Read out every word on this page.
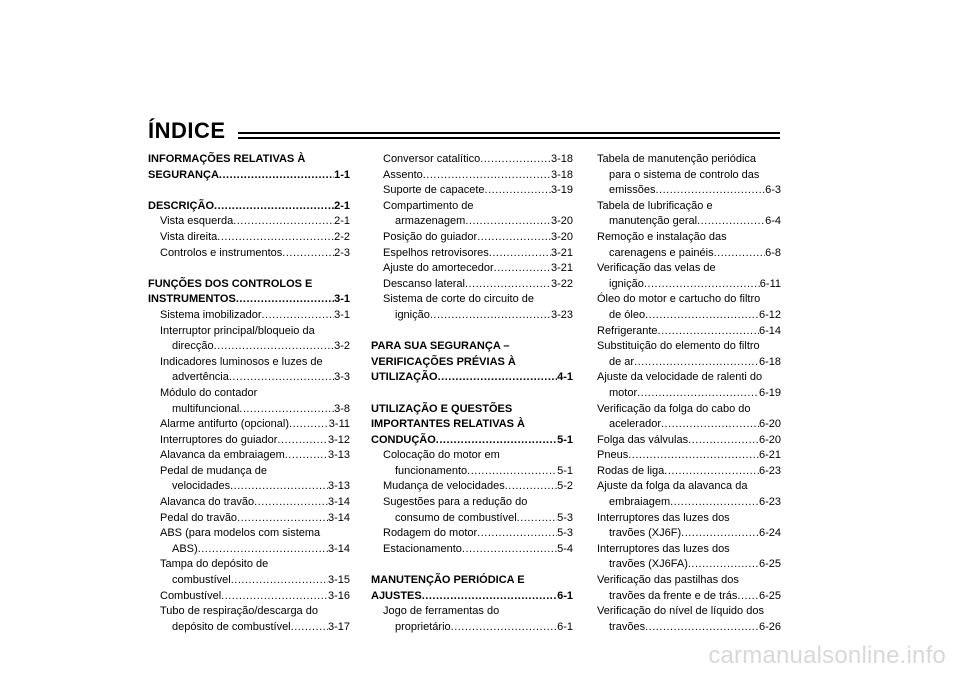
ÍNDICE
INFORMAÇÕES RELATIVAS À
SEGURANÇA .....	1-1
DESCRIÇÃO .....	2-1
Vista esquerda .....	2-1
Vista direita .....	2-2
Controlos e instrumentos .....	2-3
FUNÇÕES DOS CONTROLOS E
INSTRUMENTOS .....	3-1
Sistema imobilizador .....	3-1
Interruptor principal/bloqueio da
direcção .....	3-2
Indicadores luminosos e luzes de
advertência .....	3-3
Módulo do contador
multifuncional .....	3-8
Alarme antifurto (opcional) .....	3-11
Interruptores do guiador .....	3-12
Alavanca da embraiagem .....	3-13
Pedal de mudança de
velocidades .....	3-13
Alavanca do travão .....	3-14
Pedal do travão .....	3-14
ABS (para modelos com sistema
ABS) .....	3-14
Tampa do depósito de
combustível .....	3-15
Combustível .....	3-16
Tubo de respiração/descarga do
depósito de combustível .....	3-17
Conversor catalítico .....	3-18
Assento .....	3-18
Suporte de capacete .....	3-19
Compartimento de
armazenagem .....	3-20
Posição do guiador .....	3-20
Espelhos retrovisores .....	3-21
Ajuste do amortecedor .....	3-21
Descanso lateral .....	3-22
Sistema de corte do circuito de
ignição .....	3-23
PARA SUA SEGURANÇA –
VERIFICAÇÕES PRÉVIAS À
UTILIZAÇÃO .....	4-1
UTILIZAÇÃO E QUESTÕES
IMPORTANTES RELATIVAS À
CONDUÇÃO .....	5-1
Colocação do motor em
funcionamento .....	5-1
Mudança de velocidades .....	5-2
Sugestões para a redução do
consumo de combustível .....	5-3
Rodagem do motor .....	5-3
Estacionamento .....	5-4
MANUTENÇÃO PERIÓDICA E
AJUSTES .....	6-1
Jogo de ferramentas do
proprietário .....	6-1
Tabela de manutenção periódica
para o sistema de controlo das
emissões .....	6-3
Tabela de lubrificação e
manutenção geral .....	6-4
Remoção e instalação das
carenagens e painéis .....	6-8
Verificação das velas de
ignição .....	6-11
Óleo do motor e cartucho do filtro
de óleo .....	6-12
Refrigerante .....	6-14
Substituição do elemento do filtro
de ar .....	6-18
Ajuste da velocidade de ralenti do
motor .....	6-19
Verificação da folga do cabo do
acelerador .....	6-20
Folga das válvulas .....	6-20
Pneus .....	6-21
Rodas de liga .....	6-23
Ajuste da folga da alavanca da
embraiagem .....	6-23
Interruptores das luzes dos
travões (XJ6F) .....	6-24
Interruptores das luzes dos
travões (XJ6FA) .....	6-25
Verificação das pastilhas dos
travões da frente e de trás ..... 6-25
Verificação do nível de líquido dos
travões .....	6-26
carmanualsonline.info
